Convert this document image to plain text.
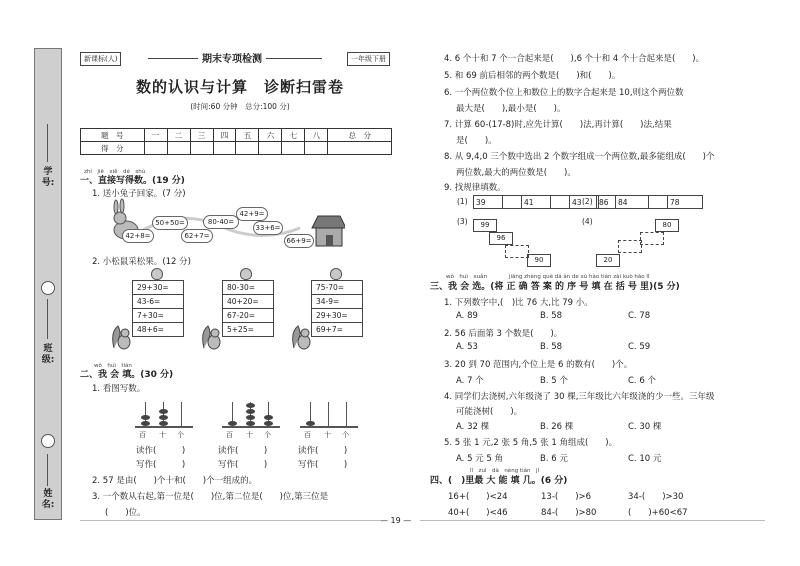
学号:
班　级:
姓名:
新课标(人)	期末专项检测	一年级下册
数的认识与计算　诊断扫雷卷
(时间:60 分钟　总分:100 分)
题　号	一	二	三	四	五	六	七	八	总　分
得　分									
zhí　jiē　xiě　dé　shù
一、直接写得数。(19 分)
1. 送小兔子回家。(7 分)
50+50=	80-40=
42+9=
33+6=
66+9=
42+8=	62+7=
2. 小松鼠采松果。(12 分)
29+30=
43-6=
7+30=
48+6=
80-30=
40+20=
67-20=
5+25=
75-70=
34-9=
29+30=
69+7=
wǒ　huì　tián
二、我 会 填。(30 分)
1. 看图写数。
百 十 个	百 十 个	百 十 个
读作(　　　)
写作(　　　)
读作(　　　)
写作(　　　)
读作(　　　)
写作(　　　)
2. 57 是由(　　)个十和(　　)个一组成的。
3. 一个数从右起,第一位是(　　)位,第二位是(　　)位,第三位是
(　　)位。
4. 6 个十和 7 个一合起来是(　　),6 个十和 4 个十合起来是(　　)。
5. 和 69 前后相邻的两个数是(　　)和(　　)。
6. 一个两位数个位上和数位上的数字合起来是 10,则这个两位数
最大是(　　),最小是(　　)。
7. 计算 60-(17-8)时,应先计算(　　)法,再计算(　　)法,结果
是(　　)。
8. 从 9,4,0 三个数中选出 2 个数字组成一个两位数,最多能组成(　　)个
两位数,最大的两位数是(　　)。
9. 找规律填数。
(1) 39		41		43 (2) 86	84		78
(3)	99
96
90
(4)
20
80
wǒ　huì　xuǎn　　　　jiāng zhèng què dá àn de xù hào tián zài kuò hào lǐ
三、我 会 选。(将 正 确 答 案 的 序 号 填 在 括 号 里)(5 分)
1. 下列数字中,(　)比 76 大,比 79 小。
A. 89	B. 58	C. 78
2. 56 后面第 3 个数是(　　)。
A. 53	B. 58	C. 59
3. 20 到 70 范围内,个位上是 6 的数有(　　)个。
A. 7 个	B. 5 个	C. 6 个
4. 同学们去浇树,六年级浇了 30 棵,三年级比六年级浇的少一些。三年级
可能浇树(　　)。
A. 32 棵	B. 26 棵	C. 30 棵
5. 5 张 1 元,2 张 5 角,5 张 1 角组成(　　)。
A. 5 元 5 角	B. 6 元	C. 10 元
lǐ　zuì　dà　néng tián　jǐ
四、(　)里最 大 能 填 几。(6 分)
16+(　　)<24	13-(　　)>6	34-(　　)>30
40+(　　)<46	84-(　　)>80	(　　)+60<67
— 19 —
